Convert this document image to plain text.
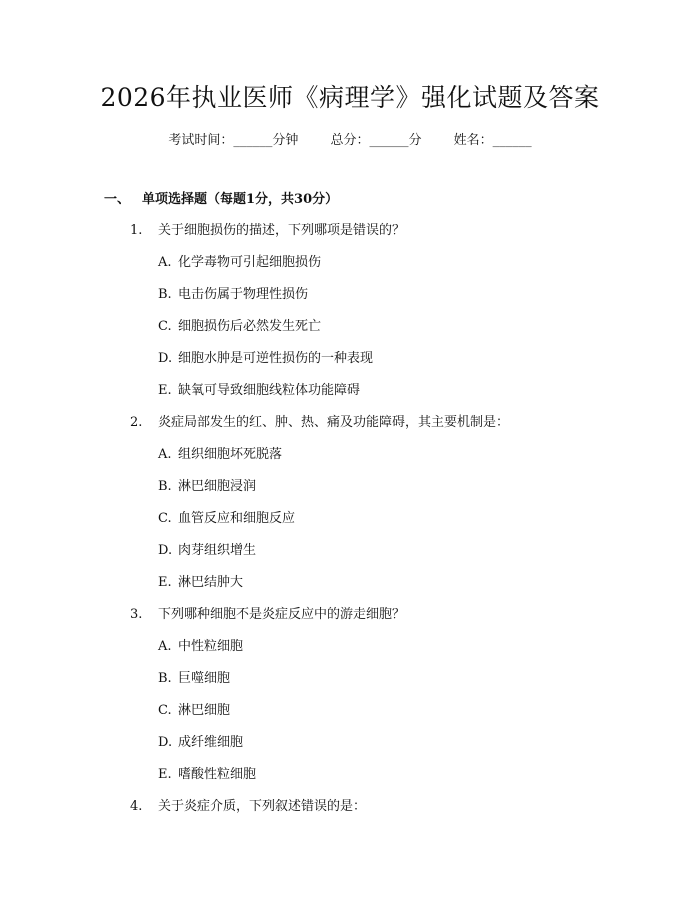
2026年执业医师《病理学》强化试题及答案
考试时间：______分钟 总分：______分 姓名：______
一、 单项选择题（每题1分，共30分）
1. 关于细胞损伤的描述，下列哪项是错误的？
A. 化学毒物可引起细胞损伤
B. 电击伤属于物理性损伤
C. 细胞损伤后必然发生死亡
D. 细胞水肿是可逆性损伤的一种表现
E. 缺氧可导致细胞线粒体功能障碍
2. 炎症局部发生的红、肿、热、痛及功能障碍，其主要机制是：
A. 组织细胞坏死脱落
B. 淋巴细胞浸润
C. 血管反应和细胞反应
D. 肉芽组织增生
E. 淋巴结肿大
3. 下列哪种细胞不是炎症反应中的游走细胞？
A. 中性粒细胞
B. 巨噬细胞
C. 淋巴细胞
D. 成纤维细胞
E. 嗜酸性粒细胞
4. 关于炎症介质，下列叙述错误的是：
